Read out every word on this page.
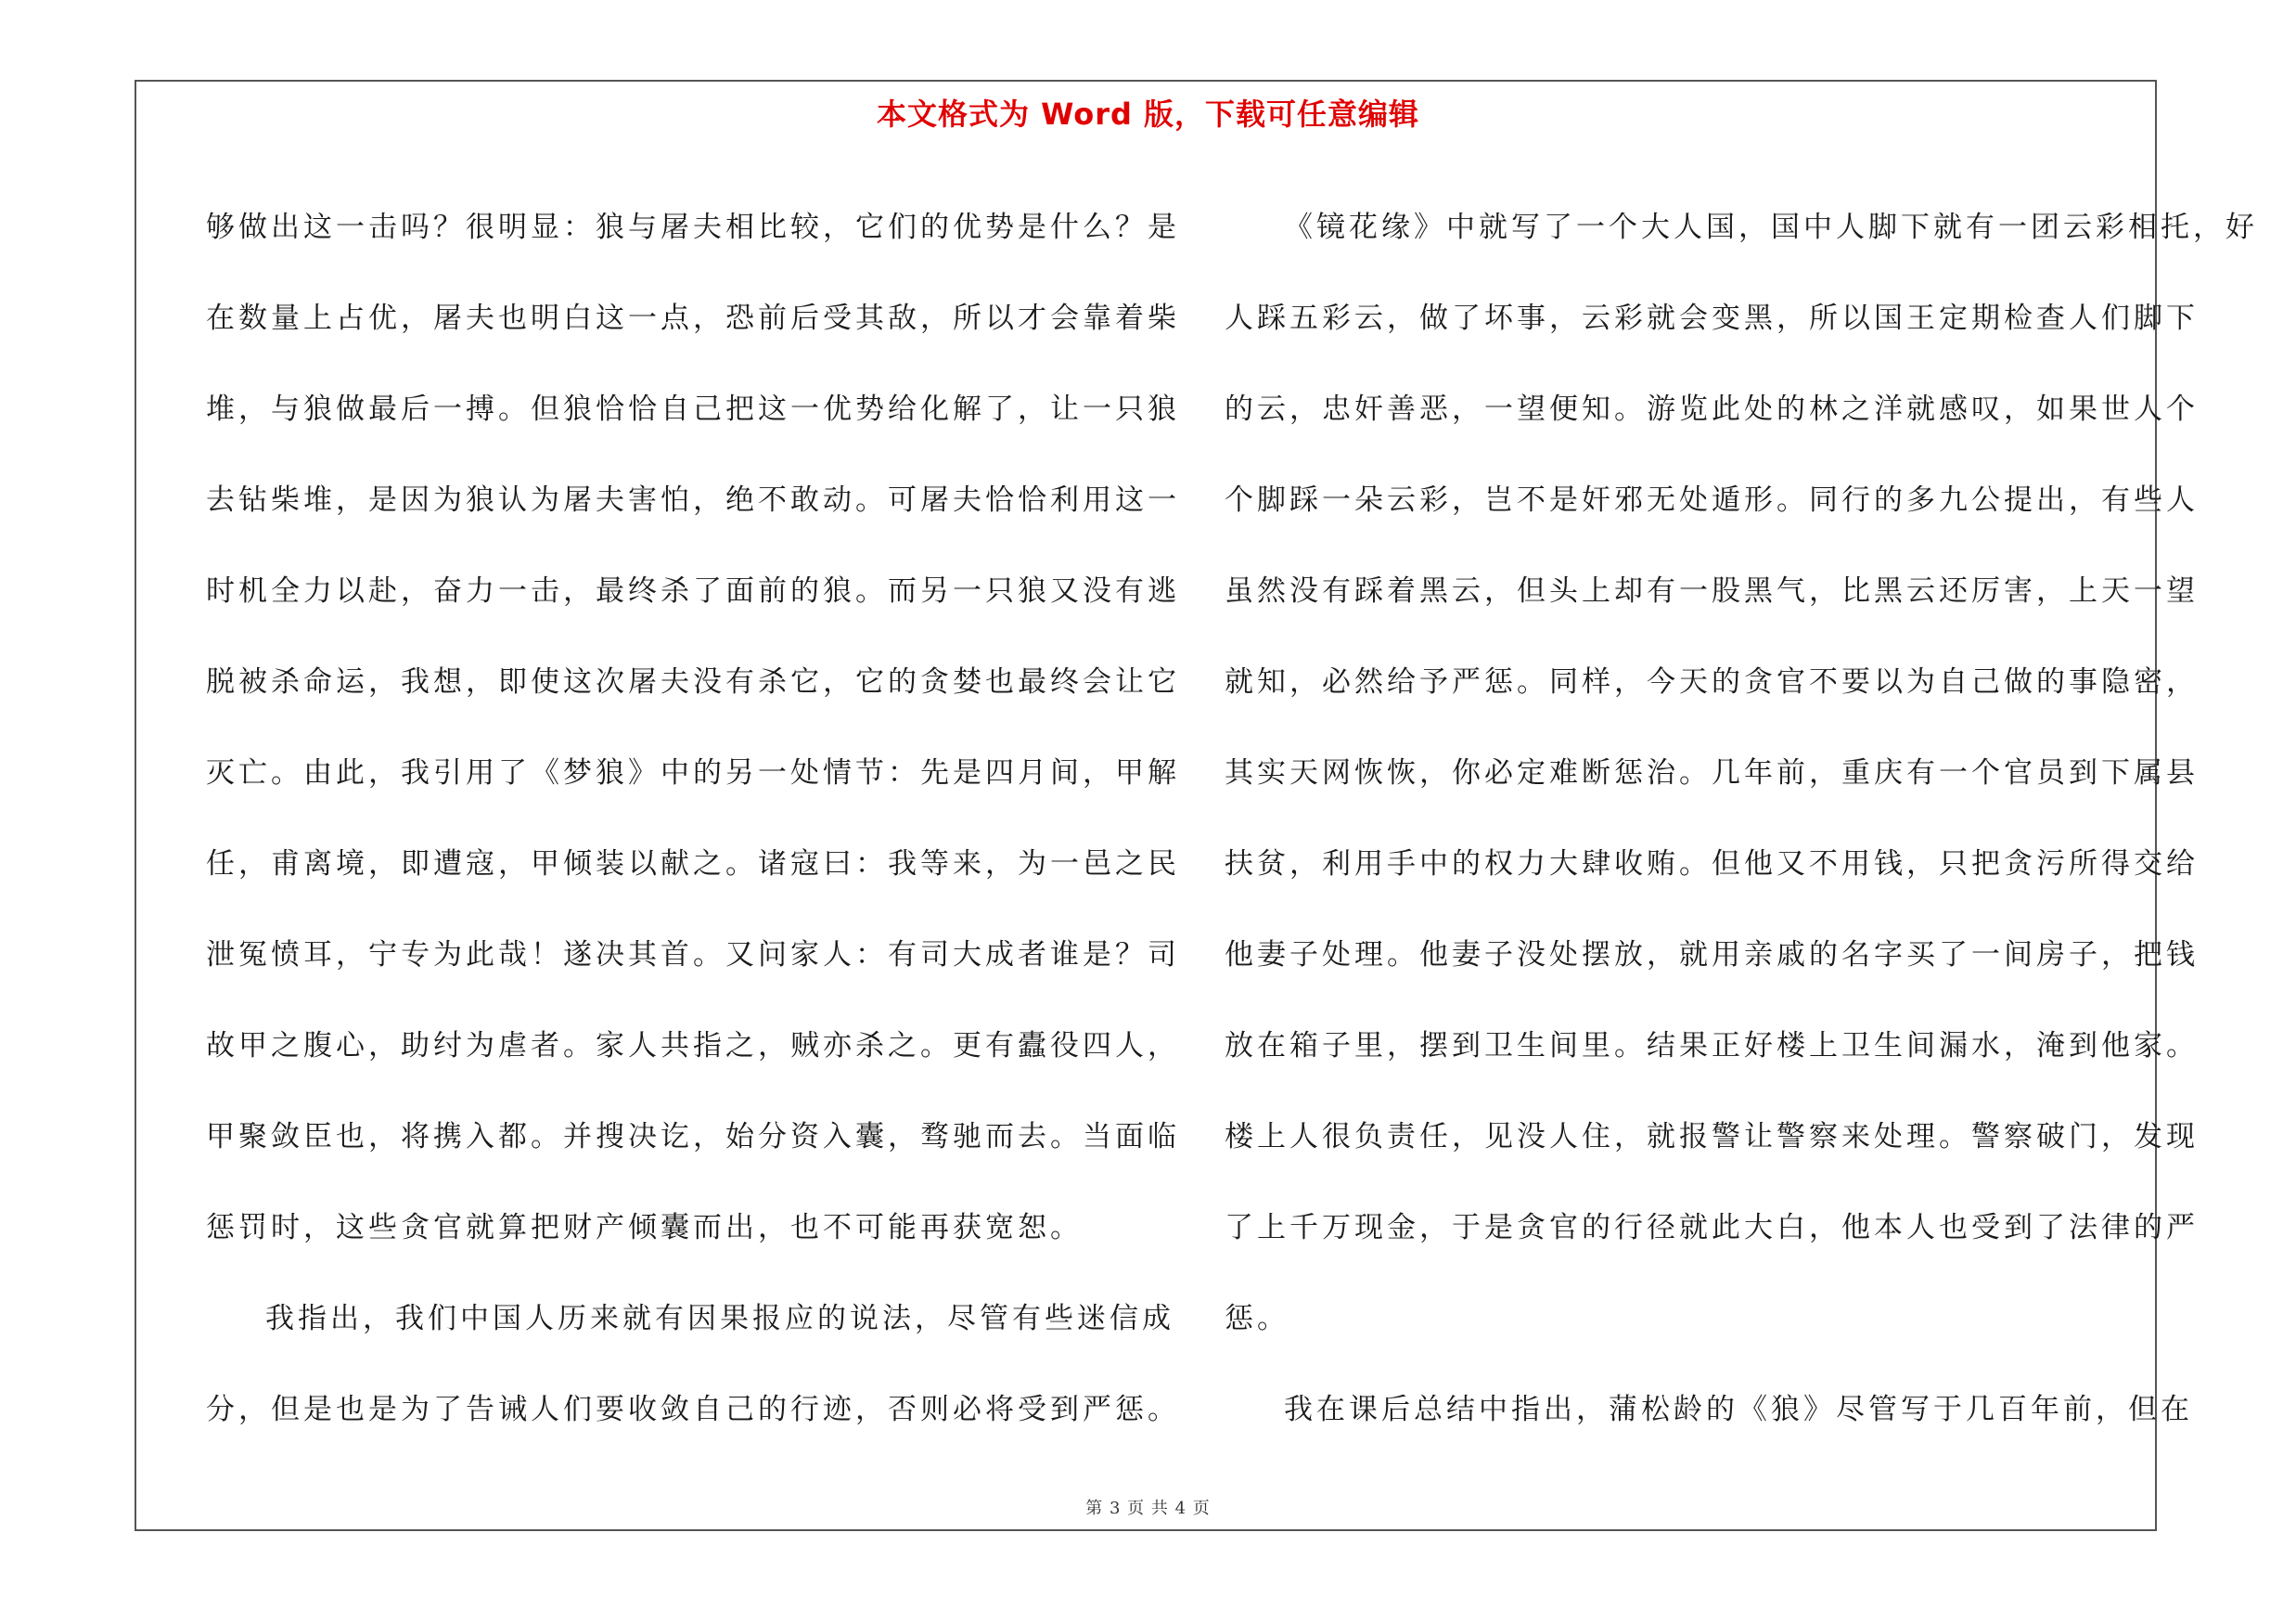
本文格式为 Word 版，下载可任意编辑
够做出这一击吗？很明显：狼与屠夫相比较，它们的优势是什么？是
在数量上占优，屠夫也明白这一点，恐前后受其敌，所以才会靠着柴
堆，与狼做最后一搏。但狼恰恰自己把这一优势给化解了，让一只狼
去钻柴堆，是因为狼认为屠夫害怕，绝不敢动。可屠夫恰恰利用这一
时机全力以赴，奋力一击，最终杀了面前的狼。而另一只狼又没有逃
脱被杀命运，我想，即使这次屠夫没有杀它，它的贪婪也最终会让它
灭亡。由此，我引用了《梦狼》中的另一处情节：先是四月间，甲解
任，甫离境，即遭寇，甲倾装以献之。诸寇曰：我等来，为一邑之民
泄冤愤耳，宁专为此哉！遂决其首。又问家人：有司大成者谁是？司
故甲之腹心，助纣为虐者。家人共指之，贼亦杀之。更有蠹役四人，
甲聚敛臣也，将携入都。并搜决讫，始分资入囊，骛驰而去。当面临
惩罚时，这些贪官就算把财产倾囊而出，也不可能再获宽恕。
我指出，我们中国人历来就有因果报应的说法，尽管有些迷信成
分，但是也是为了告诫人们要收敛自己的行迹，否则必将受到严惩。
《镜花缘》中就写了一个大人国，国中人脚下就有一团云彩相托，好
人踩五彩云，做了坏事，云彩就会变黑，所以国王定期检查人们脚下
的云，忠奸善恶，一望便知。游览此处的林之洋就感叹，如果世人个
个脚踩一朵云彩，岂不是奸邪无处遁形。同行的多九公提出，有些人
虽然没有踩着黑云，但头上却有一股黑气，比黑云还厉害，上天一望
就知，必然给予严惩。同样，今天的贪官不要以为自己做的事隐密，
其实天网恢恢，你必定难断惩治。几年前，重庆有一个官员到下属县
扶贫，利用手中的权力大肆收贿。但他又不用钱，只把贪污所得交给
他妻子处理。他妻子没处摆放，就用亲戚的名字买了一间房子，把钱
放在箱子里，摆到卫生间里。结果正好楼上卫生间漏水，淹到他家。
楼上人很负责任，见没人住，就报警让警察来处理。警察破门，发现
了上千万现金，于是贪官的行径就此大白，他本人也受到了法律的严
惩。
我在课后总结中指出，蒲松龄的《狼》尽管写于几百年前，但在
第 3 页 共 4 页
